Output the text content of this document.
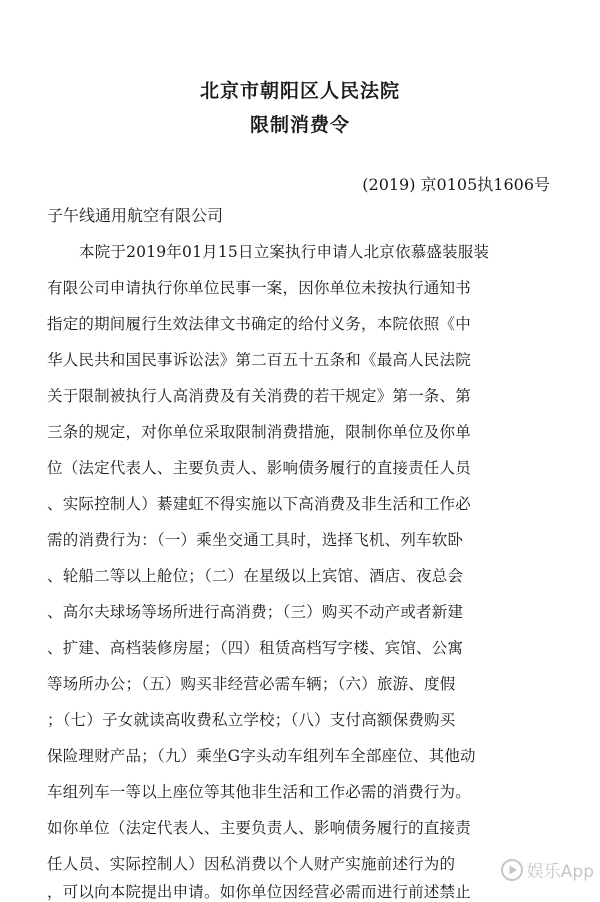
北京市朝阳区人民法院
限制消费令
(2019) 京0105执1606号
子午线通用航空有限公司
本院于2019年01月15日立案执行申请人北京依慕盛装服装
有限公司申请执行你单位民事一案，因你单位未按执行通知书
指定的期间履行生效法律文书确定的给付义务，本院依照《中
华人民共和国民事诉讼法》第二百五十五条和《最高人民法院
关于限制被执行人高消费及有关消费的若干规定》第一条、第
三条的规定，对你单位采取限制消费措施，限制你单位及你单
位（法定代表人、主要负责人、影响债务履行的直接责任人员
、实际控制人）綦建虹不得实施以下高消费及非生活和工作必
需的消费行为：（一）乘坐交通工具时，选择飞机、列车软卧
、轮船二等以上舱位；（二）在星级以上宾馆、酒店、夜总会
、高尔夫球场等场所进行高消费；（三）购买不动产或者新建
、扩建、高档装修房屋；（四）租赁高档写字楼、宾馆、公寓
等场所办公；（五）购买非经营必需车辆；（六）旅游、度假
；（七）子女就读高收费私立学校；（八）支付高额保费购买
保险理财产品；（九）乘坐G字头动车组列车全部座位、其他动
车组列车一等以上座位等其他非生活和工作必需的消费行为。
如你单位（法定代表人、主要负责人、影响债务履行的直接责
任人员、实际控制人）因私消费以个人财产实施前述行为的
，可以向本院提出申请。如你单位因经营必需而进行前述禁止
娱乐App
